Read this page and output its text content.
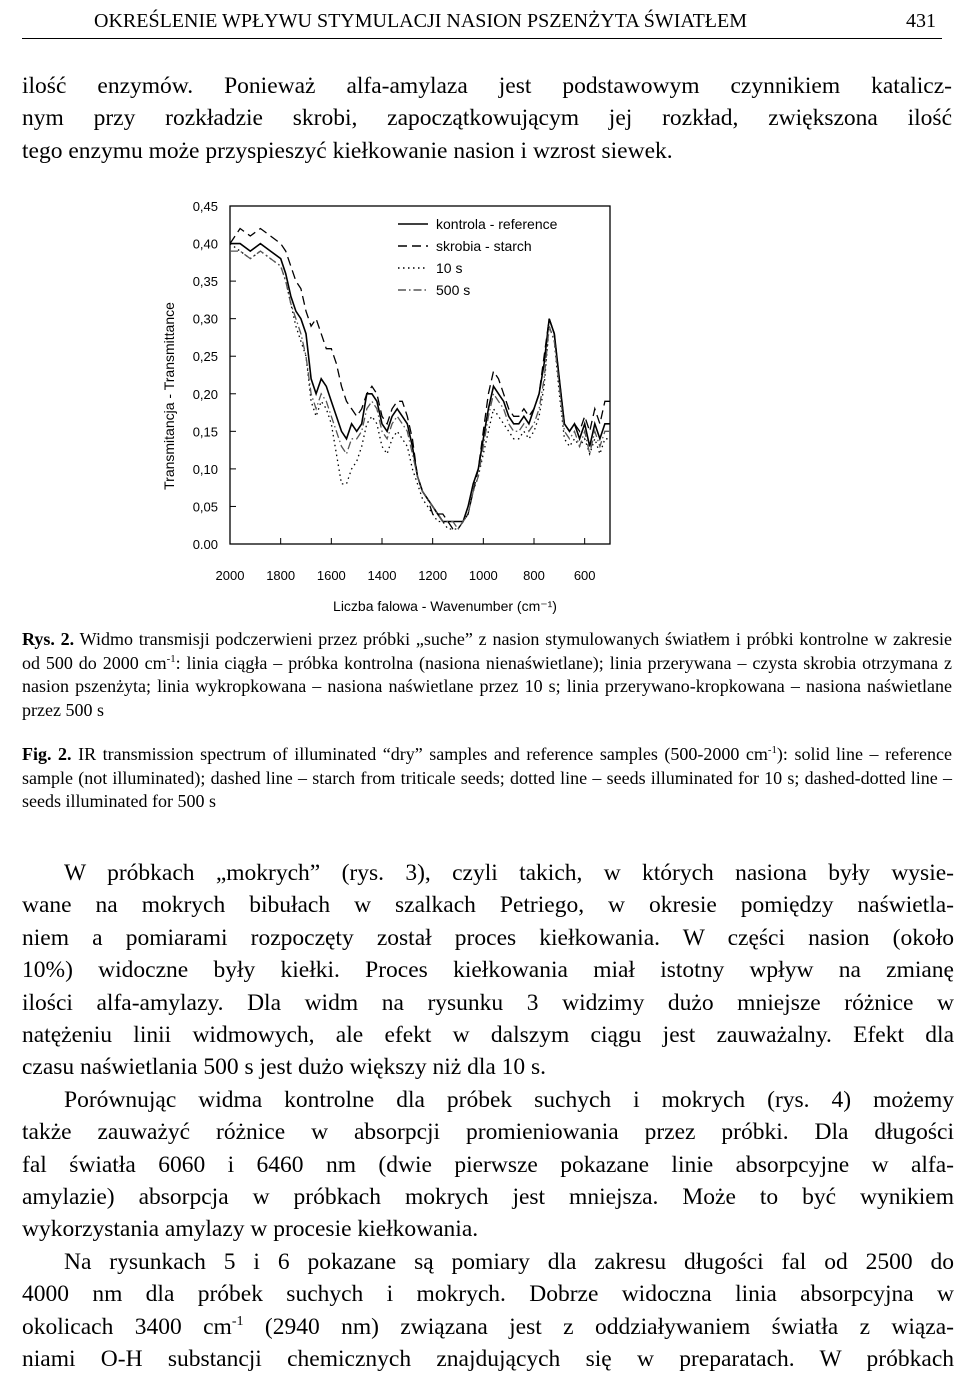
OKREŚLENIE WPŁYWU STYMULACJI NASION PSZENŻYTA ŚWIATŁEM	431
ilość enzymów. Ponieważ alfa-amylaza jest podstawowym czynnikiem katalicz-
nym przy rozkładzie skrobi, zapoczątkowującym jej rozkład, zwiększona ilość
tego enzymu może przyspieszyć kiełkowanie nasion i wzrost siewek.
0.00
0,05
0,10
0,15
0,20
0,25
0,30
0,35
0,40
0,45
2000 1800 1600 1400 1200 1000 800 600
kontrola - reference
skrobia - starch
10 s
500 s
Transmitancja - Transmittance
Liczba falowa - Wavenumber (cm⁻¹)
Rys. 2. Widmo transmisji podczerwieni przez próbki „suche” z nasion stymulowanych światłem i próbki kontrolne w zakresie od 500 do 2000 $cm^{-1}$: linia ciągła – próbka kontrolna (nasiona nienaświetlane); linia przerywana – czysta skrobia otrzymana z nasion pszenżyta; linia wykropkowana – nasiona naświetlane przez 10 s; linia przerywano-kropkowana – nasiona naświetlane przez 500 s
Fig. 2. IR transmission spectrum of illuminated “dry” samples and reference samples (500-2000 $cm^{-1}$): solid line – reference sample (not illuminated); dashed line – starch from triticale seeds; dotted line – seeds illuminated for 10 s; dashed-dotted line – seeds illuminated for 500 s
W próbkach „mokrych” (rys. 3), czyli takich, w których nasiona były wysie-
wane na mokrych bibułach w szalkach Petriego, w okresie pomiędzy naświetla-
niem a pomiarami rozpoczęty został proces kiełkowania. W części nasion (około
10%) widoczne były kiełki. Proces kiełkowania miał istotny wpływ na zmianę
ilości alfa-amylazy. Dla widm na rysunku 3 widzimy dużo mniejsze różnice w
natężeniu linii widmowych, ale efekt w dalszym ciągu jest zauważalny. Efekt dla
czasu naświetlania 500 s jest dużo większy niż dla 10 s.
Porównując widma kontrolne dla próbek suchych i mokrych (rys. 4) możemy
także zauważyć różnice w absorpcji promieniowania przez próbki. Dla długości
fal światła 6060 i 6460 nm (dwie pierwsze pokazane linie absorpcyjne w alfa-
amylazie) absorpcja w próbkach mokrych jest mniejsza. Może to być wynikiem
wykorzystania amylazy w procesie kiełkowania.
Na rysunkach 5 i 6 pokazane są pomiary dla zakresu długości fal od 2500 do
4000 nm dla próbek suchych i mokrych. Dobrze widoczna linia absorpcyjna w
okolicach 3400 $cm^{-1}$ (2940 nm) związana jest z oddziaływaniem światła z wiąza-
niami O-H substancji chemicznych znajdujących się w preparatach. W próbkach
